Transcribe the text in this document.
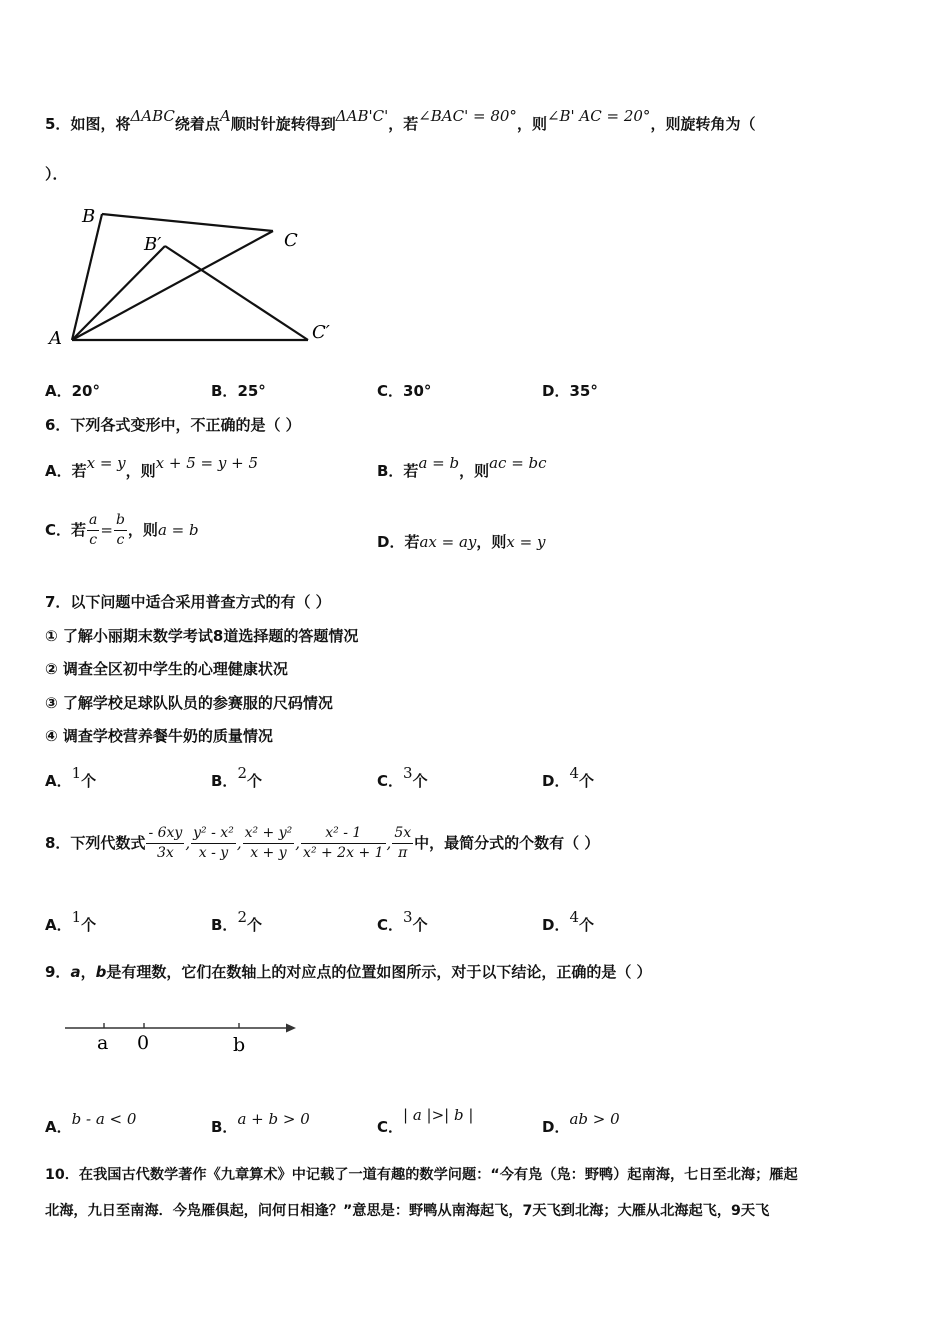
5．如图，将ΔABC绕着点A顺时针旋转得到ΔAB'C'，若∠BAC' = 80°，则∠B' AC = 20°，则旋转角为（
）．
B
B′	C
C′
A
A．20°	B．25°	C．30°	D．35°
6．下列各式变形中，不正确的是（ ）
A．若x = y，则x + 5 = y + 5	B．若a = b，则ac = bc
C．若 $\frac{a}{c} = \frac{b}{c}$ ，则a = b
D．若ax = ay，则x = y
7．以下问题中适合采用普查方式的有（ ）
① 了解小丽期末数学考试8道选择题的答题情况
② 调查全区初中学生的心理健康状况
③ 了解学校足球队队员的参赛服的尺码情况
④ 调查学校营养餐牛奶的质量情况
A．1个	B．2个	C．3个	D．4个
8．下列代数式 $\frac{- 6xy}{3x}$ , $\frac{\text{y² - x²}}{x - y}$ , $\frac{\text{x² + y²}}{x + y}$ , $\frac{\text{x² - 1}}{\text{x² + 2x + 1}}$ , $\frac{5x}{\pi}$ 中，最简分式的个数有（ ）
A．1个	B．2个	C．3个	D．4个
9．a，b是有理数，它们在数轴上的对应点的位置如图所示，对于以下结论，正确的是（ ）
a 0	b
A．b - a < 0	B．a + b > 0	C．| a |>| b |
D．ab > 0
10．在我国古代数学著作《九章算术》中记载了一道有趣的数学问题：“今有凫（凫：野鸭）起南海，七日至北海；雁起
北海，九日至南海．今凫雁俱起，问何日相逢？”意思是：野鸭从南海起飞，7天飞到北海；大雁从北海起飞，9天飞
